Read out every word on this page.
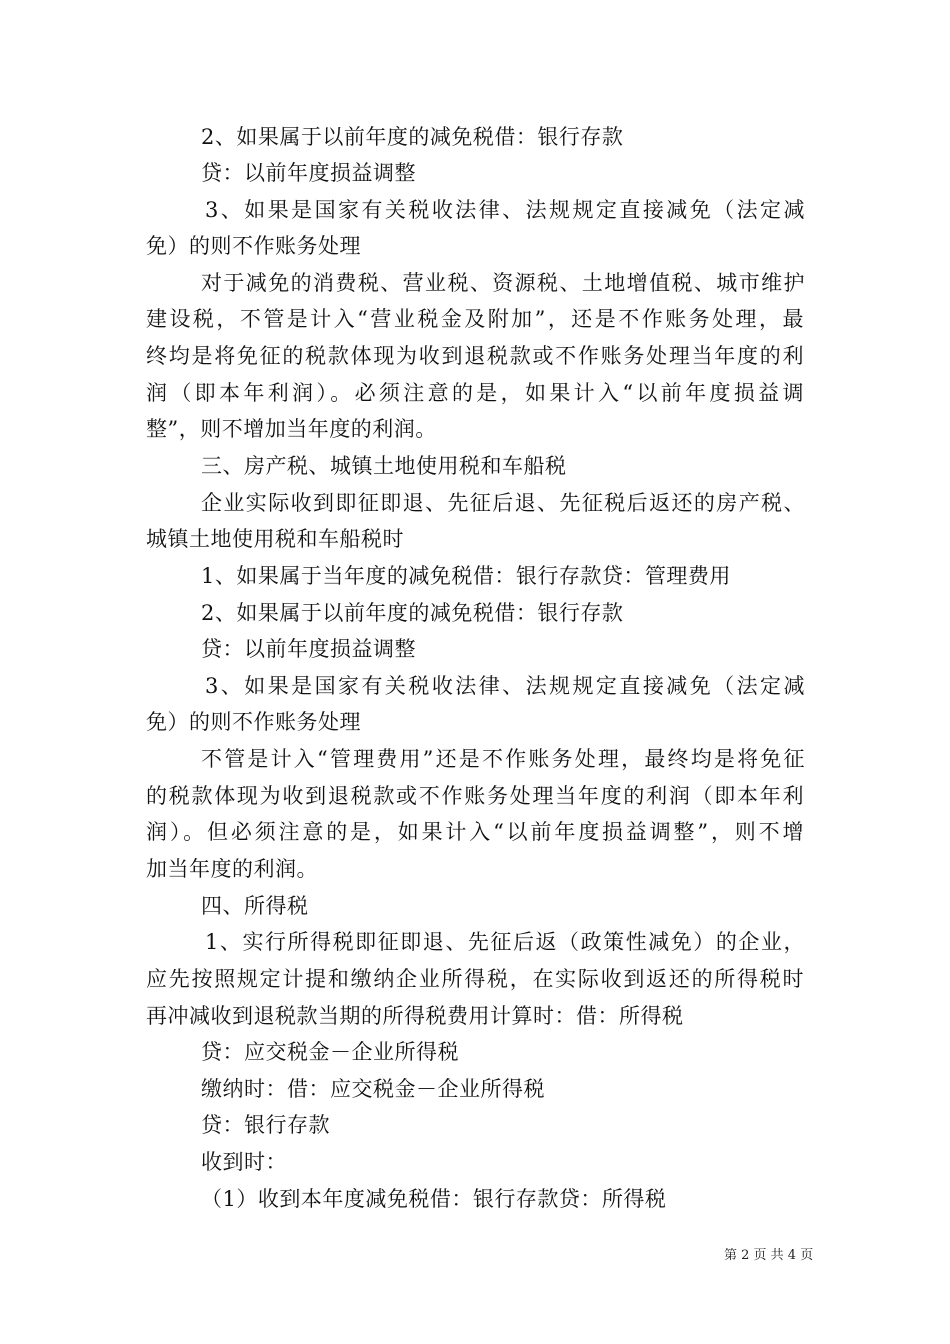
2、如果属于以前年度的减免税借：银行存款
贷：以前年度损益调整
3、如果是国家有关税收法律、法规规定直接减免（法定减
免）的则不作账务处理
对于减免的消费税、营业税、资源税、土地增值税、城市维护
建设税，不管是计入“营业税金及附加”，还是不作账务处理，最
终均是将免征的税款体现为收到退税款或不作账务处理当年度的利
润（即本年利润）。必须注意的是，如果计入“以前年度损益调
整”，则不增加当年度的利润。
三、房产税、城镇土地使用税和车船税
企业实际收到即征即退、先征后退、先征税后返还的房产税、
城镇土地使用税和车船税时
1、如果属于当年度的减免税借：银行存款贷：管理费用
2、如果属于以前年度的减免税借：银行存款
贷：以前年度损益调整
3、如果是国家有关税收法律、法规规定直接减免（法定减
免）的则不作账务处理
不管是计入“管理费用”还是不作账务处理，最终均是将免征
的税款体现为收到退税款或不作账务处理当年度的利润（即本年利
润）。但必须注意的是，如果计入“以前年度损益调整”，则不增
加当年度的利润。
四、所得税
1、实行所得税即征即退、先征后返（政策性减免）的企业，
应先按照规定计提和缴纳企业所得税，在实际收到返还的所得税时
再冲减收到退税款当期的所得税费用计算时：借：所得税
贷：应交税金－企业所得税
缴纳时：借：应交税金－企业所得税
贷：银行存款
收到时：
（1）收到本年度减免税借：银行存款贷：所得税
第 2 页 共 4 页
